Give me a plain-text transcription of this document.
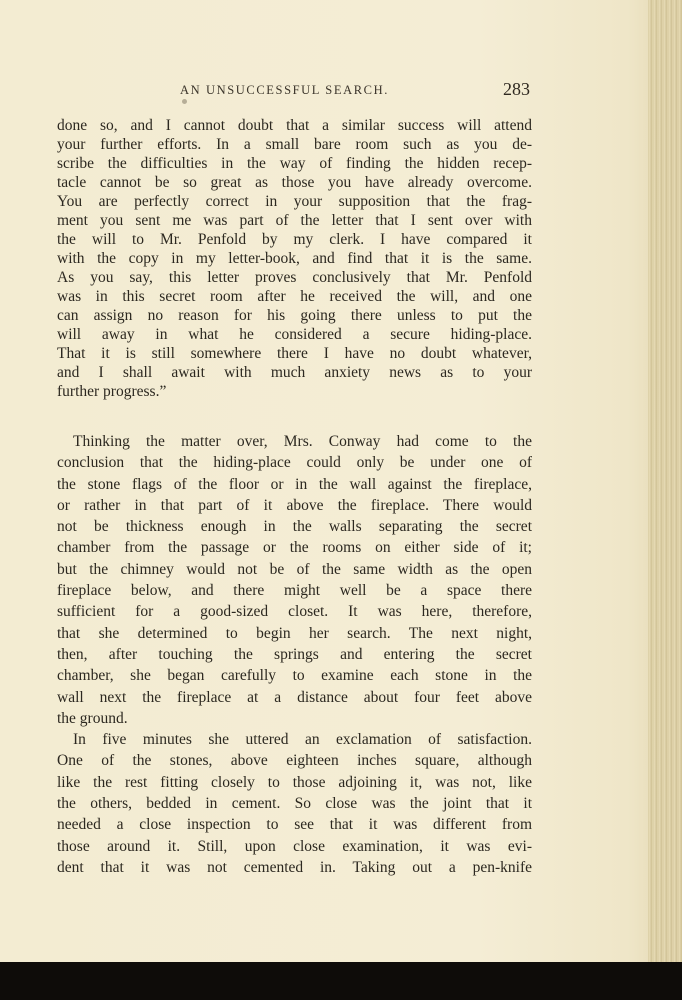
AN UNSUCCESSFUL SEARCH.	283
done so, and I cannot doubt that a similar success will attend
your further efforts. In a small bare room such as you de-
scribe the difficulties in the way of finding the hidden recep-
tacle cannot be so great as those you have already overcome.
You are perfectly correct in your supposition that the frag-
ment you sent me was part of the letter that I sent over with
the will to Mr. Penfold by my clerk. I have compared it
with the copy in my letter-book, and find that it is the same.
As you say, this letter proves conclusively that Mr. Penfold
was in this secret room after he received the will, and one
can assign no reason for his going there unless to put the
will away in what he considered a secure hiding-place.
That it is still somewhere there I have no doubt whatever,
and I shall await with much anxiety news as to your
further progress.”
Thinking the matter over, Mrs. Conway had come to the
conclusion that the hiding-place could only be under one of
the stone flags of the floor or in the wall against the fireplace,
or rather in that part of it above the fireplace. There would
not be thickness enough in the walls separating the secret
chamber from the passage or the rooms on either side of it;
but the chimney would not be of the same width as the open
fireplace below, and there might well be a space there
sufficient for a good-sized closet. It was here, therefore,
that she determined to begin her search. The next night,
then, after touching the springs and entering the secret
chamber, she began carefully to examine each stone in the
wall next the fireplace at a distance about four feet above
the ground.
In five minutes she uttered an exclamation of satisfaction.
One of the stones, above eighteen inches square, although
like the rest fitting closely to those adjoining it, was not, like
the others, bedded in cement. So close was the joint that it
needed a close inspection to see that it was different from
those around it. Still, upon close examination, it was evi-
dent that it was not cemented in. Taking out a pen-knife
